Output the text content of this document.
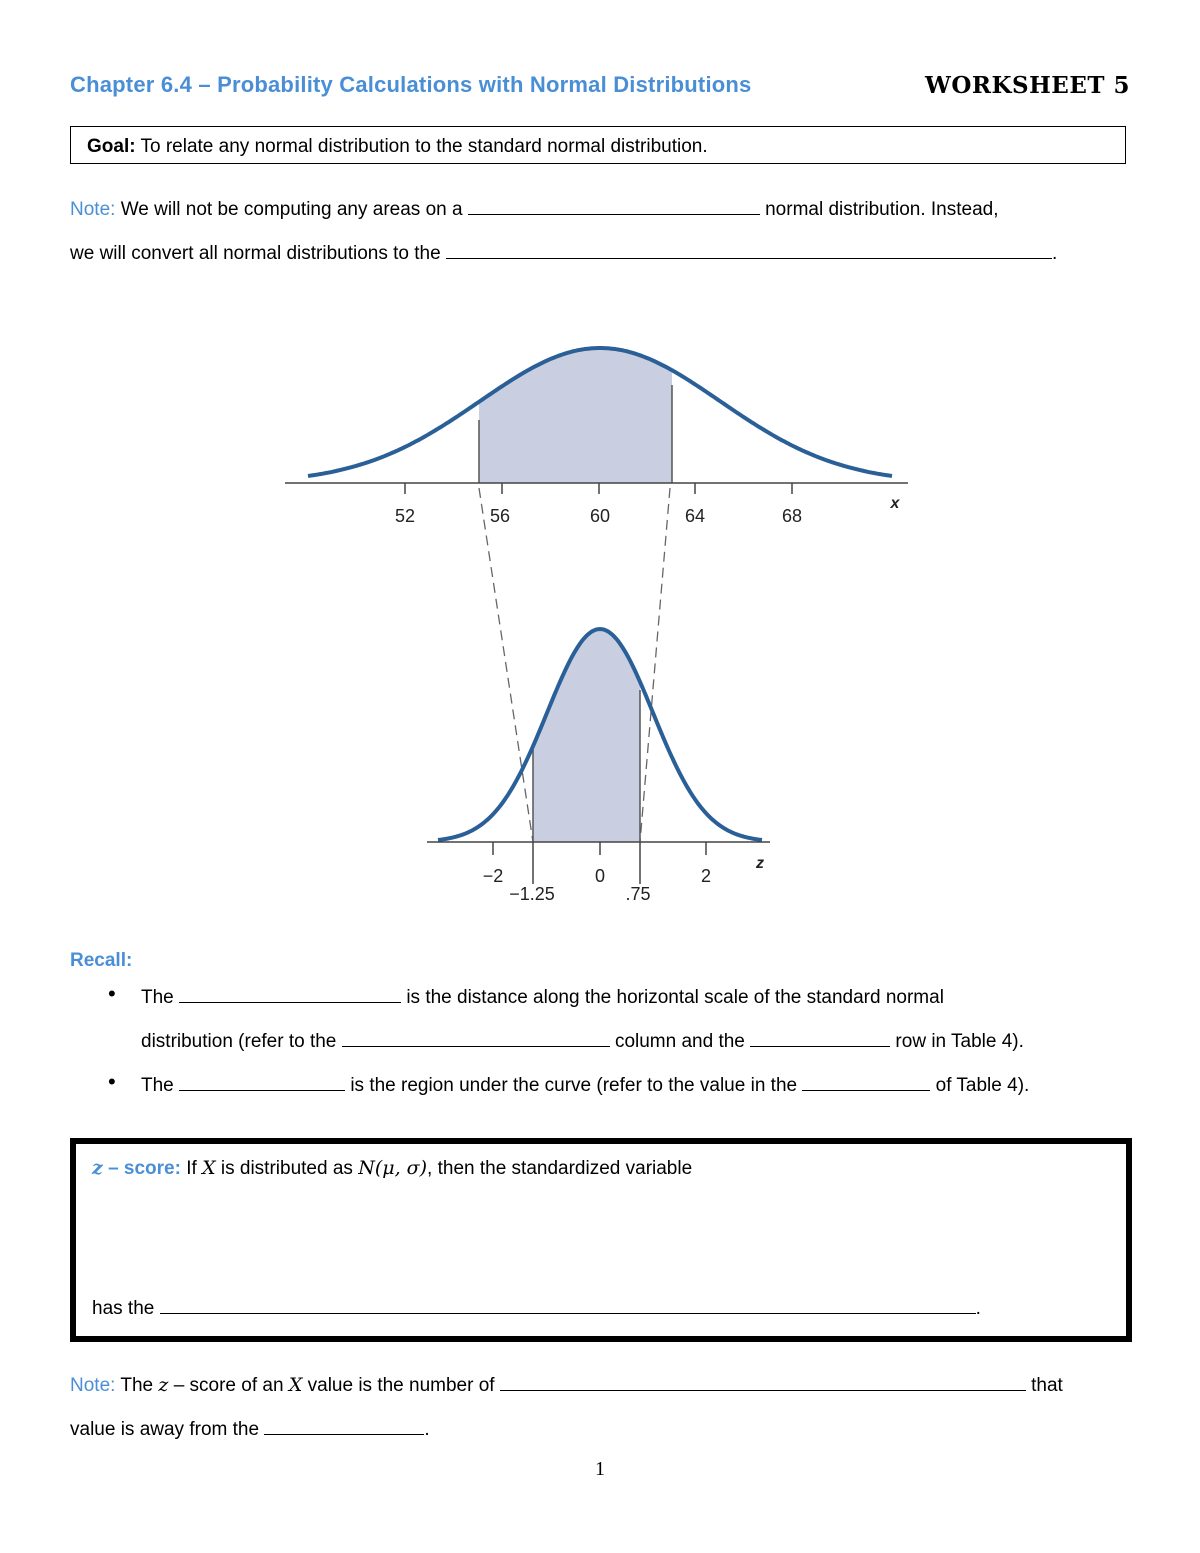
Chapter 6.4 – Probability Calculations with Normal Distributions	WORKSHEET 5
Goal: To relate any normal distribution to the standard normal distribution.
Note: We will not be computing any areas on a	normal distribution. Instead,
we will convert all normal distributions to the	.
52	56	60	64	68
x
−2	0	2
−1.25	.75
z
Recall:
• The	is the distance along the horizontal scale of the standard normal
distribution (refer to the	column and the	row in Table 4).
• The	is the region under the curve (refer to the value in the	of Table 4).
z – score: If X is distributed as N(μ, σ), then the standardized variable
has the	.
Note: The z – score of an X value is the number of	that
value is away from the	.
1
